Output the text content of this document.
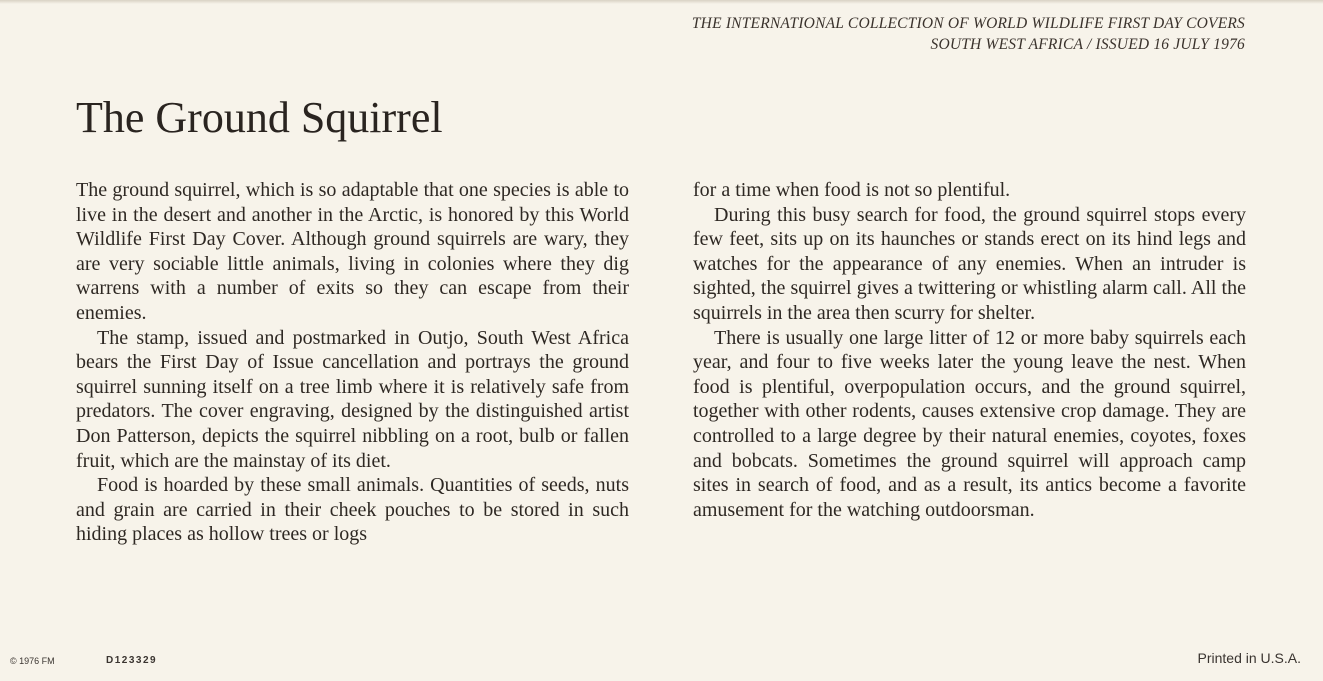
THE INTERNATIONAL COLLECTION OF WORLD WILDLIFE FIRST DAY COVERS
SOUTH WEST AFRICA / ISSUED 16 JULY 1976
The Ground Squirrel

The ground squirrel, which is so adaptable that one species is able to live in the desert and another in the Arctic, is honored by this World Wildlife First Day Cover. Although ground squirrels are wary, they are very sociable little animals, living in colonies where they dig warrens with a number of exits so they can escape from their enemies.

The stamp, issued and postmarked in Outjo, South West Africa bears the First Day of Issue cancellation and portrays the ground squirrel sunning itself on a tree limb where it is relatively safe from predators. The cover engraving, designed by the distinguished artist Don Patterson, depicts the squirrel nibbling on a root, bulb or fallen fruit, which are the mainstay of its diet.

Food is hoarded by these small animals. Quantities of seeds, nuts and grain are carried in their cheek pouches to be stored in such hiding places as hollow trees or logs

for a time when food is not so plentiful.

During this busy search for food, the ground squirrel stops every few feet, sits up on its haunches or stands erect on its hind legs and watches for the appearance of any enemies. When an intruder is sighted, the squirrel gives a twittering or whistling alarm call. All the squirrels in the area then scurry for shelter.

There is usually one large litter of 12 or more baby squirrels each year, and four to five weeks later the young leave the nest. When food is plentiful, overpopulation occurs, and the ground squirrel, together with other rodents, causes extensive crop damage. They are controlled to a large degree by their natural enemies, coyotes, foxes and bobcats. Sometimes the ground squirrel will approach camp sites in search of food, and as a result, its antics become a favorite amusement for the watching outdoorsman.

© 1976 FM	D123329	Printed in U.S.A.
